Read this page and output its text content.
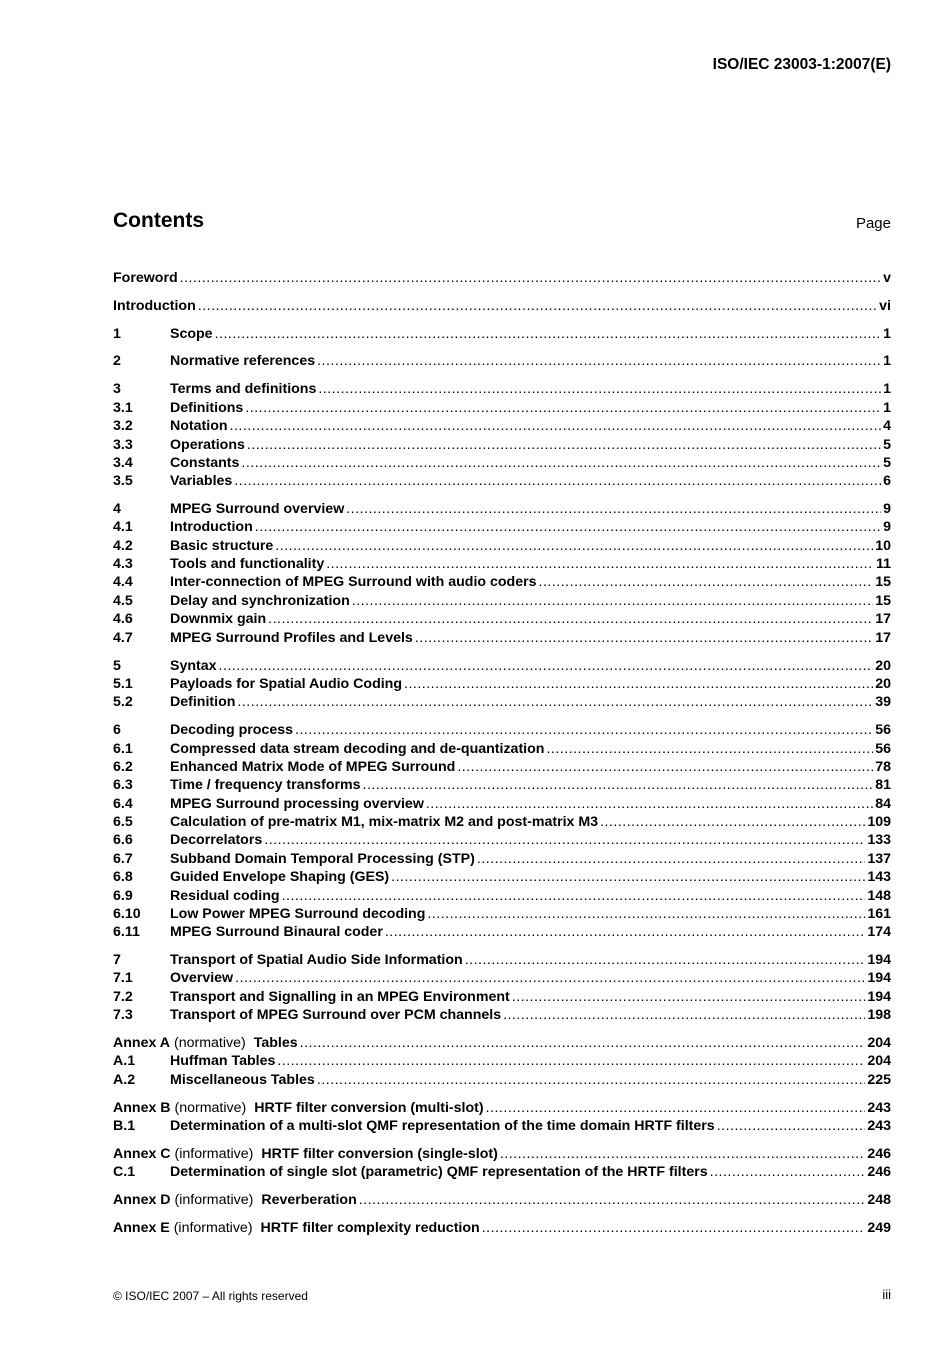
ISO/IEC 23003-1:2007(E)
Contents	Page
Foreword .....	v
Introduction .....	vi
1	Scope .....	1
2	Normative references .....	1
3	Terms and definitions .....	1
3.1	Definitions .....	1
3.2	Notation .....	4
3.3	Operations .....	5
3.4	Constants .....	5
3.5	Variables .....	6
4	MPEG Surround overview .....	9
4.1	Introduction .....	9
4.2	Basic structure .....	10
4.3	Tools and functionality .....	11
4.4	Inter-connection of MPEG Surround with audio coders .....	15
4.5	Delay and synchronization .....	15
4.6	Downmix gain .....	17
4.7	MPEG Surround Profiles and Levels .....	17
5	Syntax .....	20
5.1	Payloads for Spatial Audio Coding .....	20
5.2	Definition .....	39
6	Decoding process .....	56
6.1	Compressed data stream decoding and de-quantization .....	56
6.2	Enhanced Matrix Mode of MPEG Surround .....	78
6.3	Time / frequency transforms .....	81
6.4	MPEG Surround processing overview .....	84
6.5	Calculation of pre-matrix M1, mix-matrix M2 and post-matrix M3 .....	109
6.6	Decorrelators .....	133
6.7	Subband Domain Temporal Processing (STP) .....	137
6.8	Guided Envelope Shaping (GES) .....	143
6.9	Residual coding .....	148
6.10	Low Power MPEG Surround decoding .....	161
6.11	MPEG Surround Binaural coder .....	174
7	Transport of Spatial Audio Side Information .....	194
7.1	Overview .....	194
7.2	Transport and Signalling in an MPEG Environment .....	194
7.3	Transport of MPEG Surround over PCM channels .....	198
Annex A (normative) Tables .....	204
A.1	Huffman Tables .....	204
A.2	Miscellaneous Tables .....	225
Annex B (normative) HRTF filter conversion (multi-slot) .....	243
B.1	Determination of a multi-slot QMF representation of the time domain HRTF filters .....	243
Annex C (informative) HRTF filter conversion (single-slot) .....	246
C.1	Determination of single slot (parametric) QMF representation of the HRTF filters .....	246
Annex D (informative) Reverberation .....	248
Annex E (informative) HRTF filter complexity reduction .....	249
© ISO/IEC 2007 – All rights reserved	iii
